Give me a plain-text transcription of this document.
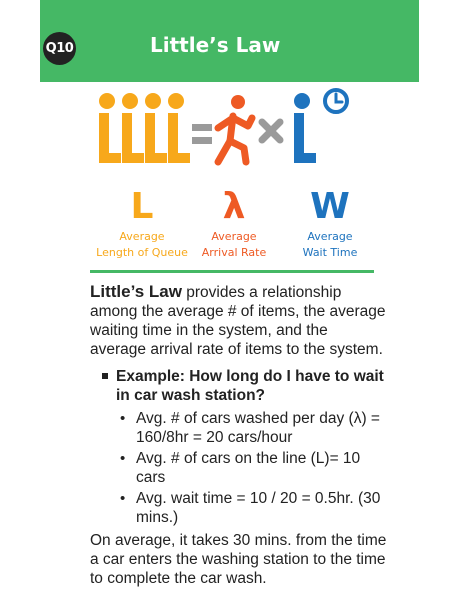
Q10	Little’s Law
L	λ	W
Average
Length of Queue
Average
Arrival Rate
Average
Wait Time

Little’s Law provides a relationship among the average # of items, the average waiting time in the system, and the average arrival rate of items to the system.

Example: How long do I have to wait in car wash station?
• Avg. # of cars washed per day (λ) = 160/8hr = 20 cars/hour
• Avg. # of cars on the line (L)= 10 cars
• Avg. wait time = 10 / 20 = 0.5hr. (30 mins.)

On average, it takes 30 mins. from the time a car enters the washing station to the time to complete the car wash.
